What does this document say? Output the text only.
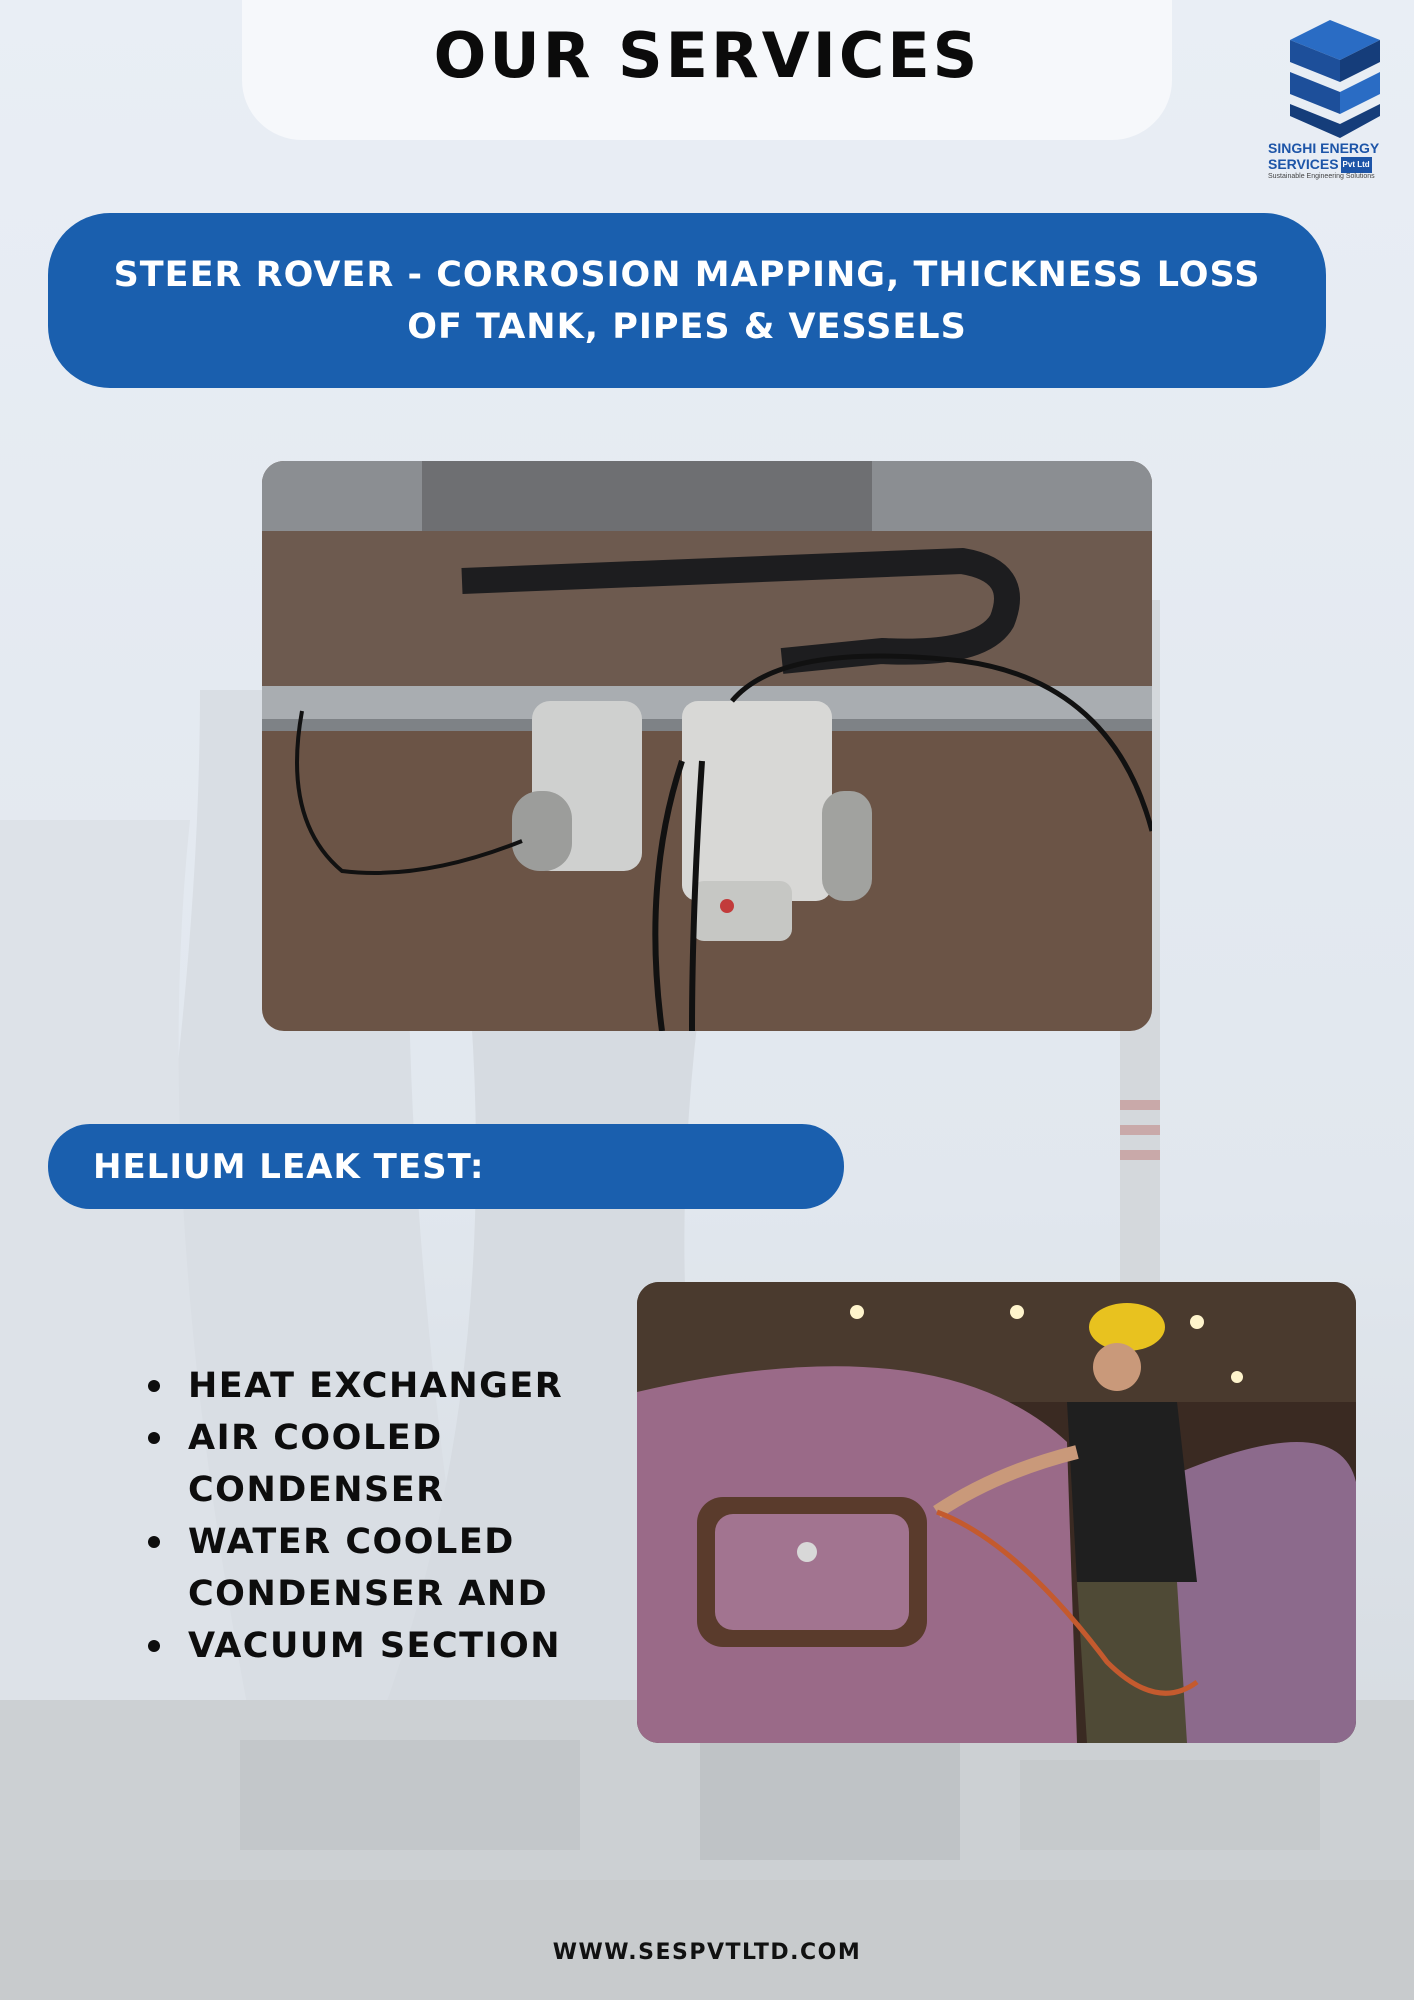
OUR SERVICES
SINGHI ENERGY
SERVICES Pvt Ltd
Sustainable Engineering Solutions
STEER ROVER - CORROSION MAPPING, THICKNESS LOSS OF TANK, PIPES & VESSELS
HELIUM LEAK TEST:
HEAT EXCHANGER
AIR COOLED CONDENSER
WATER COOLED CONDENSER AND
VACUUM SECTION
WWW.SESPVTLTD.COM
